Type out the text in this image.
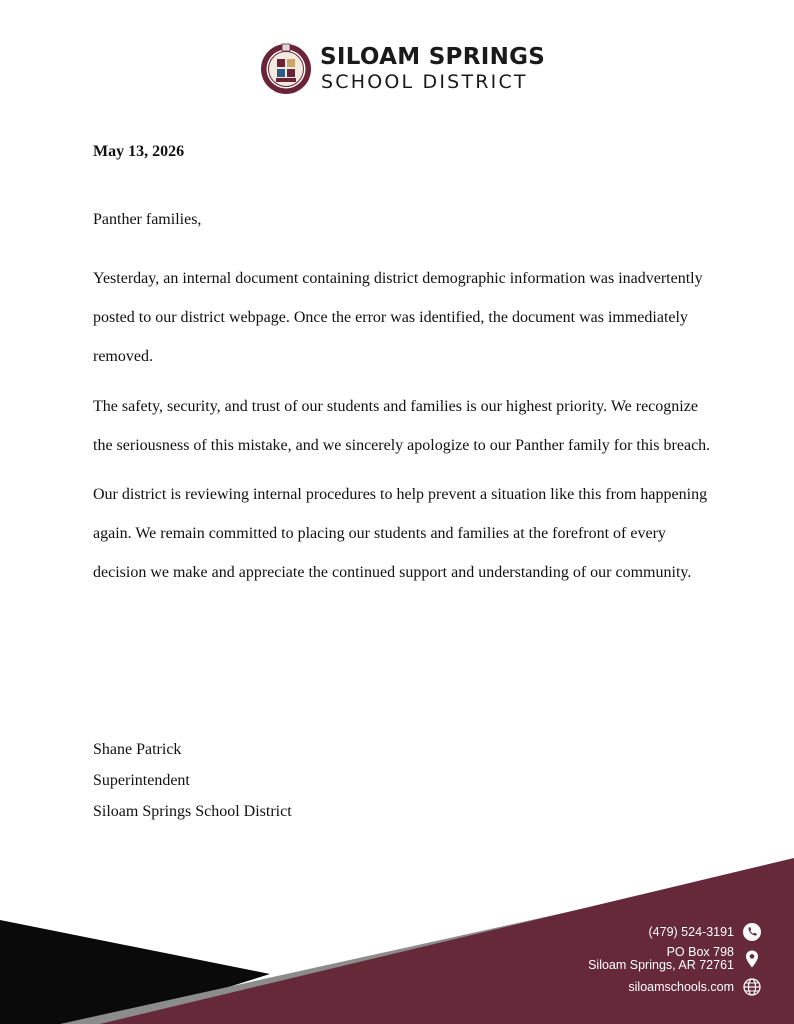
SILOAM SPRINGS
SCHOOL DISTRICT

May 13, 2026

Panther families,

Yesterday, an internal document containing district demographic information was inadvertently posted to our district webpage. Once the error was identified, the document was immediately removed.

The safety, security, and trust of our students and families is our highest priority. We recognize the seriousness of this mistake, and we sincerely apologize to our Panther family for this breach.

Our district is reviewing internal procedures to help prevent a situation like this from happening again. We remain committed to placing our students and families at the forefront of every decision we make and appreciate the continued support and understanding of our community.

Shane Patrick
Superintendent
Siloam Springs School District
(479) 524-3191
PO Box 798
Siloam Springs, AR 72761
siloamschools.com
